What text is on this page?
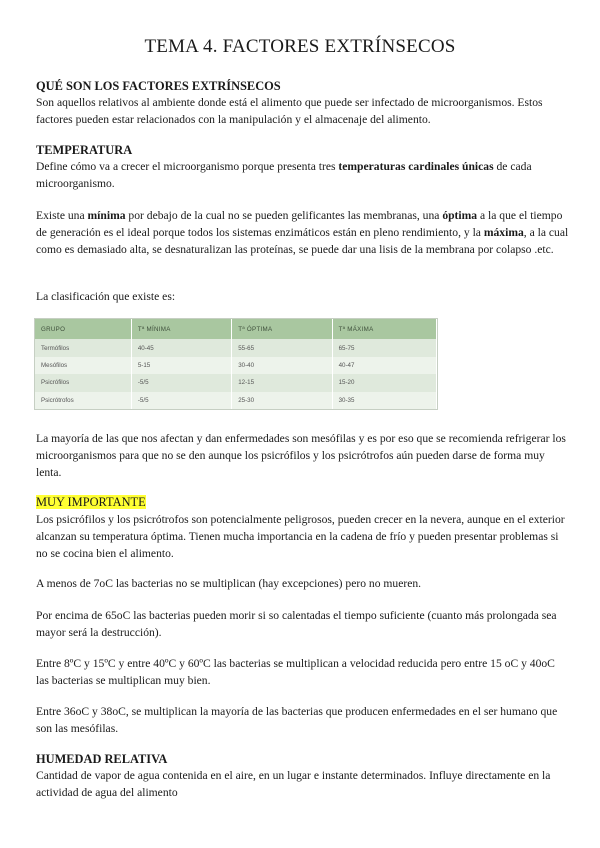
TEMA 4. FACTORES EXTRÍNSECOS
QUÉ SON LOS FACTORES EXTRÍNSECOS

Son aquellos relativos al ambiente donde está el alimento que puede ser infectado de microorganismos. Estos factores pueden estar relacionados con la manipulación y el almacenaje del alimento.

TEMPERATURA

Define cómo va a crecer el microorganismo porque presenta tres temperaturas cardinales únicas de cada microorganismo.

Existe una mínima por debajo de la cual no se pueden gelificantes las membranas, una óptima a la que el tiempo de generación es el ideal porque todos los sistemas enzimáticos están en pleno rendimiento, y la máxima, a la cual como es demasiado alta, se desnaturalizan las proteínas, se puede dar una lisis de la membrana por colapso .etc.

La clasificación que existe es:

GRUPO	Tª MÍNIMA	Tª ÓPTIMA	Tª MÁXIMA
Termófilos	40-45	55-65	65-75
Mesófilos	5-15	30-40	40-47
Psicrófilos	-5/5	12-15	15-20
Psicrótrofos	-5/5	25-30	30-35

La mayoría de las que nos afectan y dan enfermedades son mesófilas y es por eso que se recomienda refrigerar los microorganismos para que no se den aunque los psicrófilos y los psicrótrofos aún pueden darse de forma muy lenta.

MUY IMPORTANTE

Los psicrófilos y los psicrótrofos son potencialmente peligrosos, pueden crecer en la nevera, aunque en el exterior alcanzan su temperatura óptima. Tienen mucha importancia en la cadena de frío y pueden presentar problemas si no se cocina bien el alimento.

A menos de 7oC las bacterias no se multiplican (hay excepciones) pero no mueren.

Por encima de 65oC las bacterias pueden morir si so calentadas el tiempo suficiente (cuanto más prolongada sea mayor será la destrucción).

Entre 8ºC y 15ºC y entre 40ºC y 60ºC las bacterias se multiplican a velocidad reducida pero entre 15 oC y 40oC las bacterias se multiplican muy bien.

Entre 36oC y 38oC, se multiplican la mayoría de las bacterias que producen enfermedades en el ser humano que son las mesófilas.

HUMEDAD RELATIVA

Cantidad de vapor de agua contenida en el aire, en un lugar e instante determinados. Influye directamente en la actividad de agua del alimento
